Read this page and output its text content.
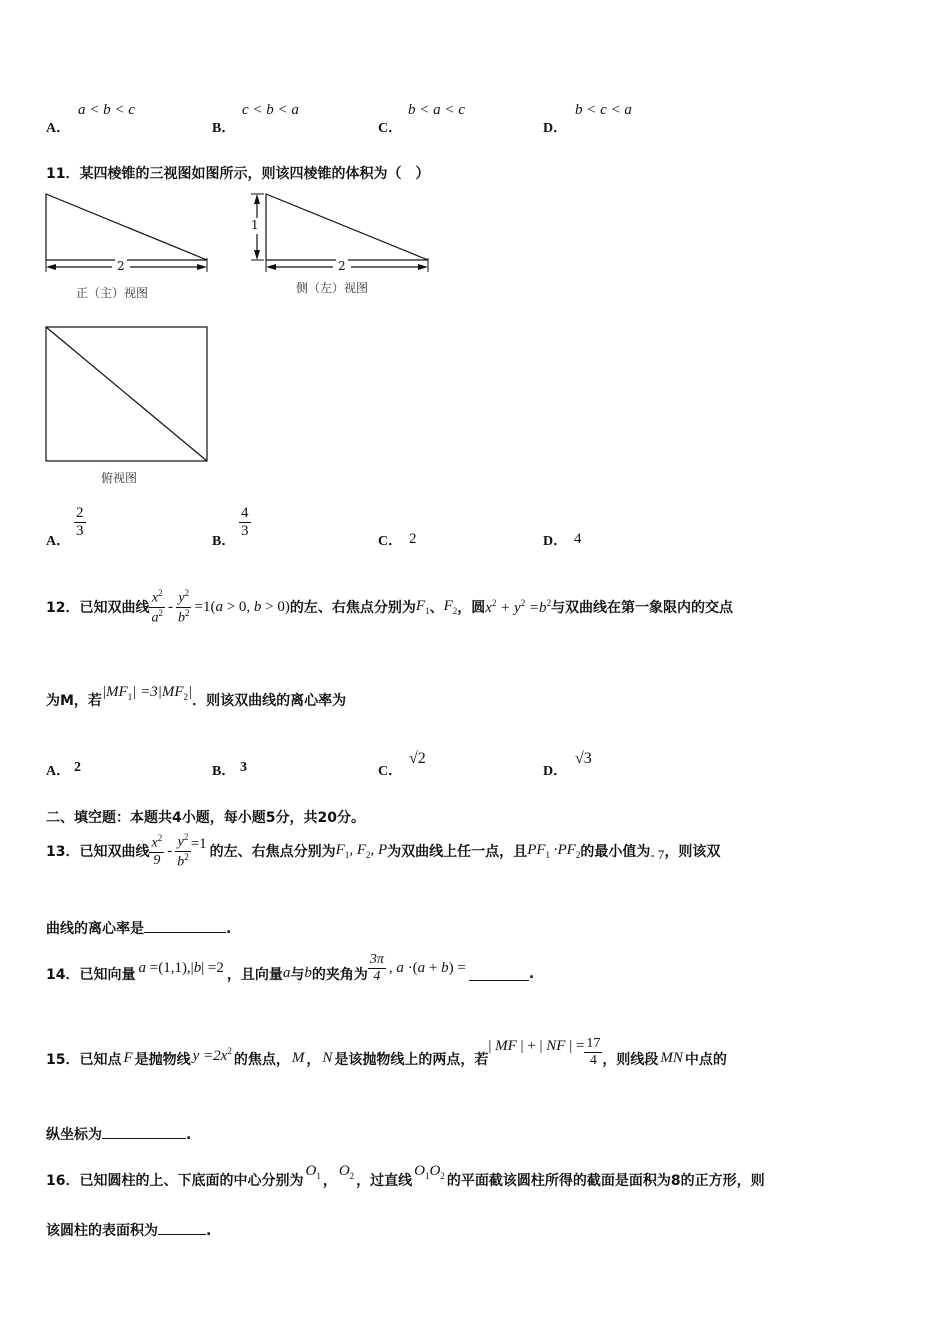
A．
a < b < c
B．
c < b < a
C．
b < a < c
D．
b < c < a
11．某四棱锥的三视图如图所示，则该四棱锥的体积为（　）
2	2
1
正（主）视图	侧（左）视图
俯视图
A．
$\frac{2}{3}$
B．
$\frac{4}{3}$
C． 2	D． 4
12．已知双曲线 $\frac{x^2}{a^2} - \frac{y^2}{b^2} =1(a > 0$, b > 0) 的左、右焦点分别为 $F_1$ 、 $F_2$ ，圆 $x^2 + y^2 =b^2$ 与双曲线在第一象限内的交点
为M，若
$|MF_1| =3|MF_2|$
．则该双曲线的离心率为
A． 2	B． 3	C．
√2
D．
√3
二、填空题：本题共4小题，每小题5分，共20分。
13．已知双曲线 $\frac{x^2}{9} - \frac{y^2}{b^2} =1$
的左、右焦点分别为 $F_1$, $F_2$, P 为双曲线上任一点，且 $PF_1 \cdot PF_2$ 的最小值为 - 7 ，则该双
曲线的离心率是	.
14．已知向量 a =(1,1),|b| =2 ，且向量 a 与 b 的夹角为 $\frac{3\pi}{4}$ , a ·(a + b) =	.
15．已知点 F 是抛物线 $y =2x^2$
的焦点， M ， N 是该抛物线上的两点，若
| MF | + | NF | = $\frac{17}{4}$ ，则线段 MN 中点的
纵坐标为	.
16．已知圆柱的上、下底面的中心分别为
$O_1$ ，
$O_2$ ，过直线
$O_1O_2$ 的平面截该圆柱所得的截面是面积为8的正方形，则
该圆柱的表面积为	.
